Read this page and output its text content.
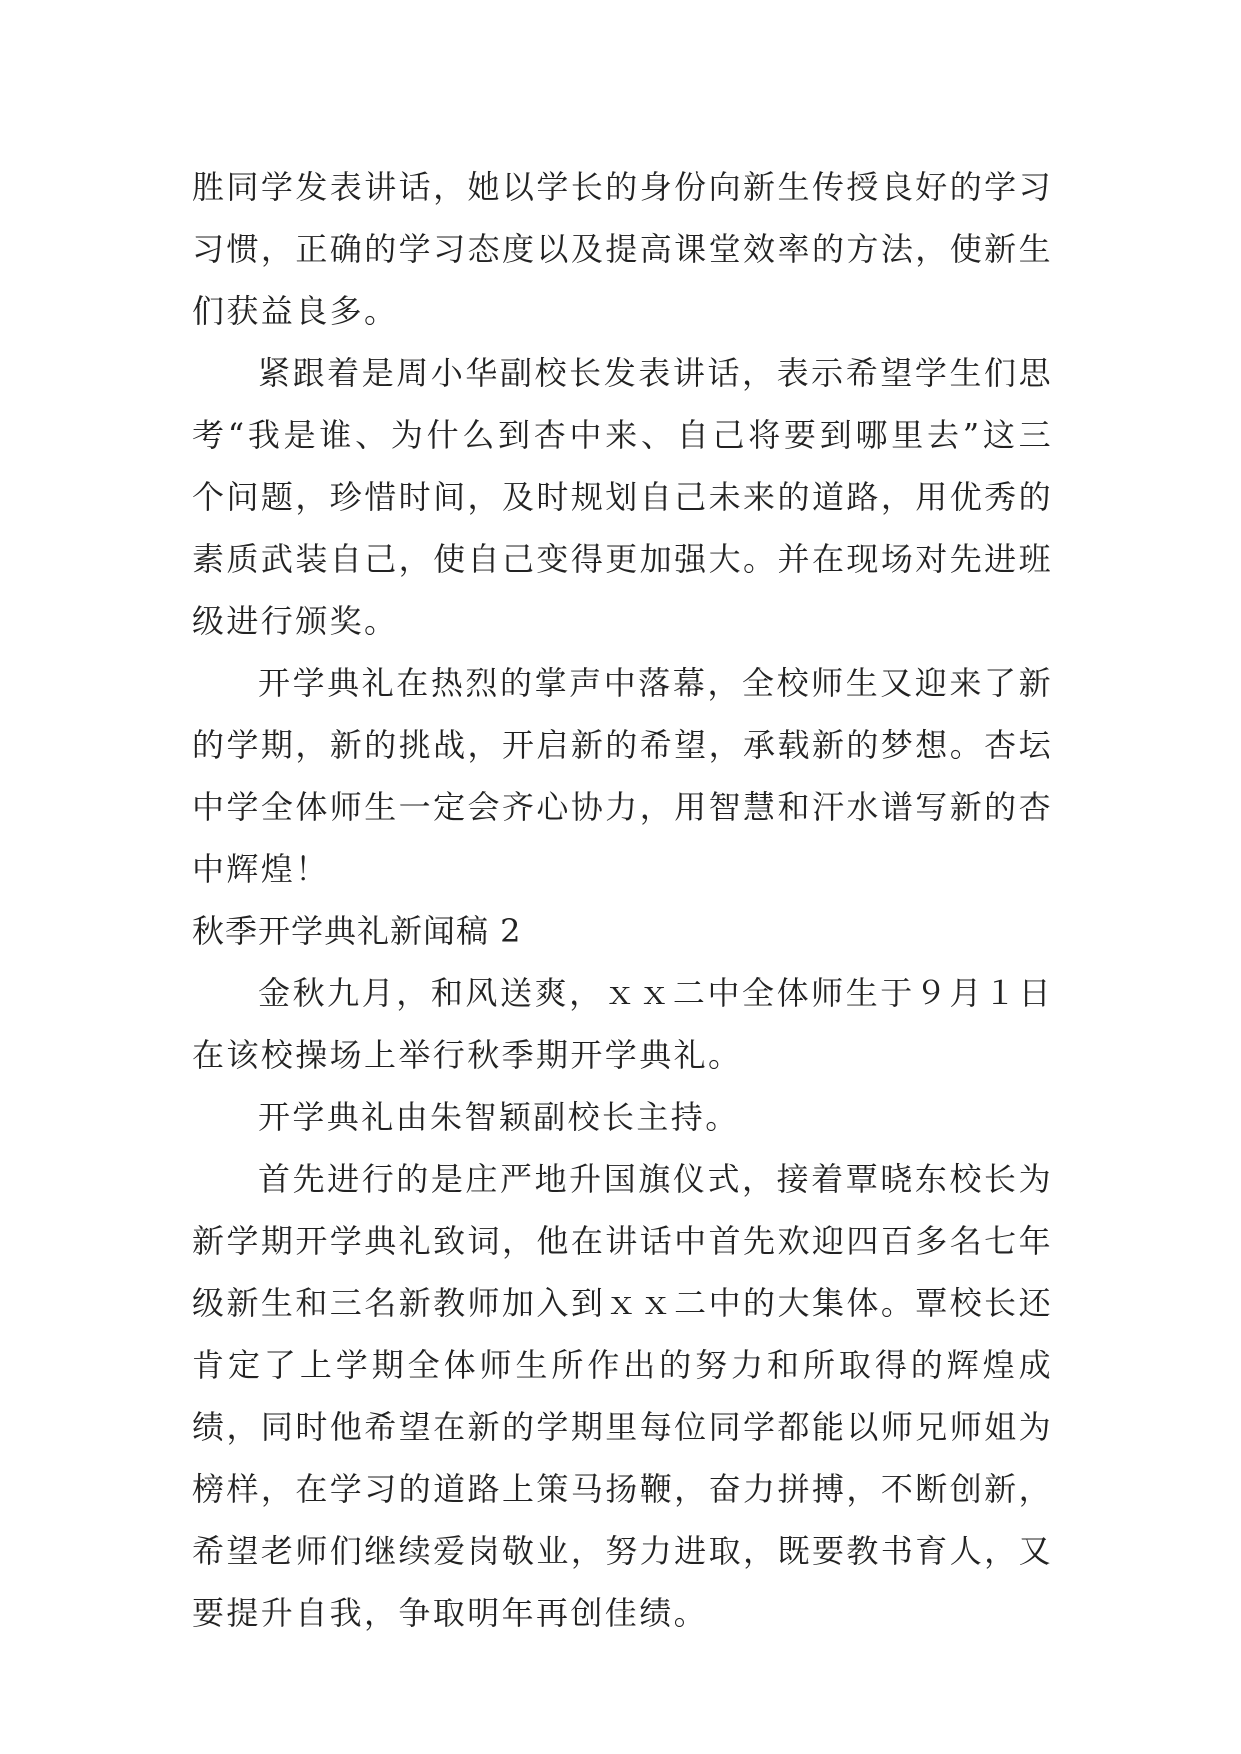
胜同学发表讲话，她以学长的身份向新生传授良好的学习习惯，正确的学习态度以及提高课堂效率的方法，使新生们获益良多。

紧跟着是周小华副校长发表讲话，表示希望学生们思考“我是谁、为什么到杏中来、自己将要到哪里去”这三个问题，珍惜时间，及时规划自己未来的道路，用优秀的素质武装自己，使自己变得更加强大。并在现场对先进班级进行颁奖。

开学典礼在热烈的掌声中落幕，全校师生又迎来了新的学期，新的挑战，开启新的希望，承载新的梦想。杏坛中学全体师生一定会齐心协力，用智慧和汗水谱写新的杏中辉煌！

秋季开学典礼新闻稿 2

金秋九月，和风送爽，ｘｘ二中全体师生于９月１日在该校操场上举行秋季期开学典礼。

开学典礼由朱智颖副校长主持。

首先进行的是庄严地升国旗仪式，接着覃晓东校长为新学期开学典礼致词，他在讲话中首先欢迎四百多名七年级新生和三名新教师加入到ｘｘ二中的大集体。覃校长还肯定了上学期全体师生所作出的努力和所取得的辉煌成绩，同时他希望在新的学期里每位同学都能以师兄师姐为榜样，在学习的道路上策马扬鞭，奋力拼搏，不断创新，希望老师们继续爱岗敬业，努力进取，既要教书育人，又要提升自我，争取明年再创佳绩。
